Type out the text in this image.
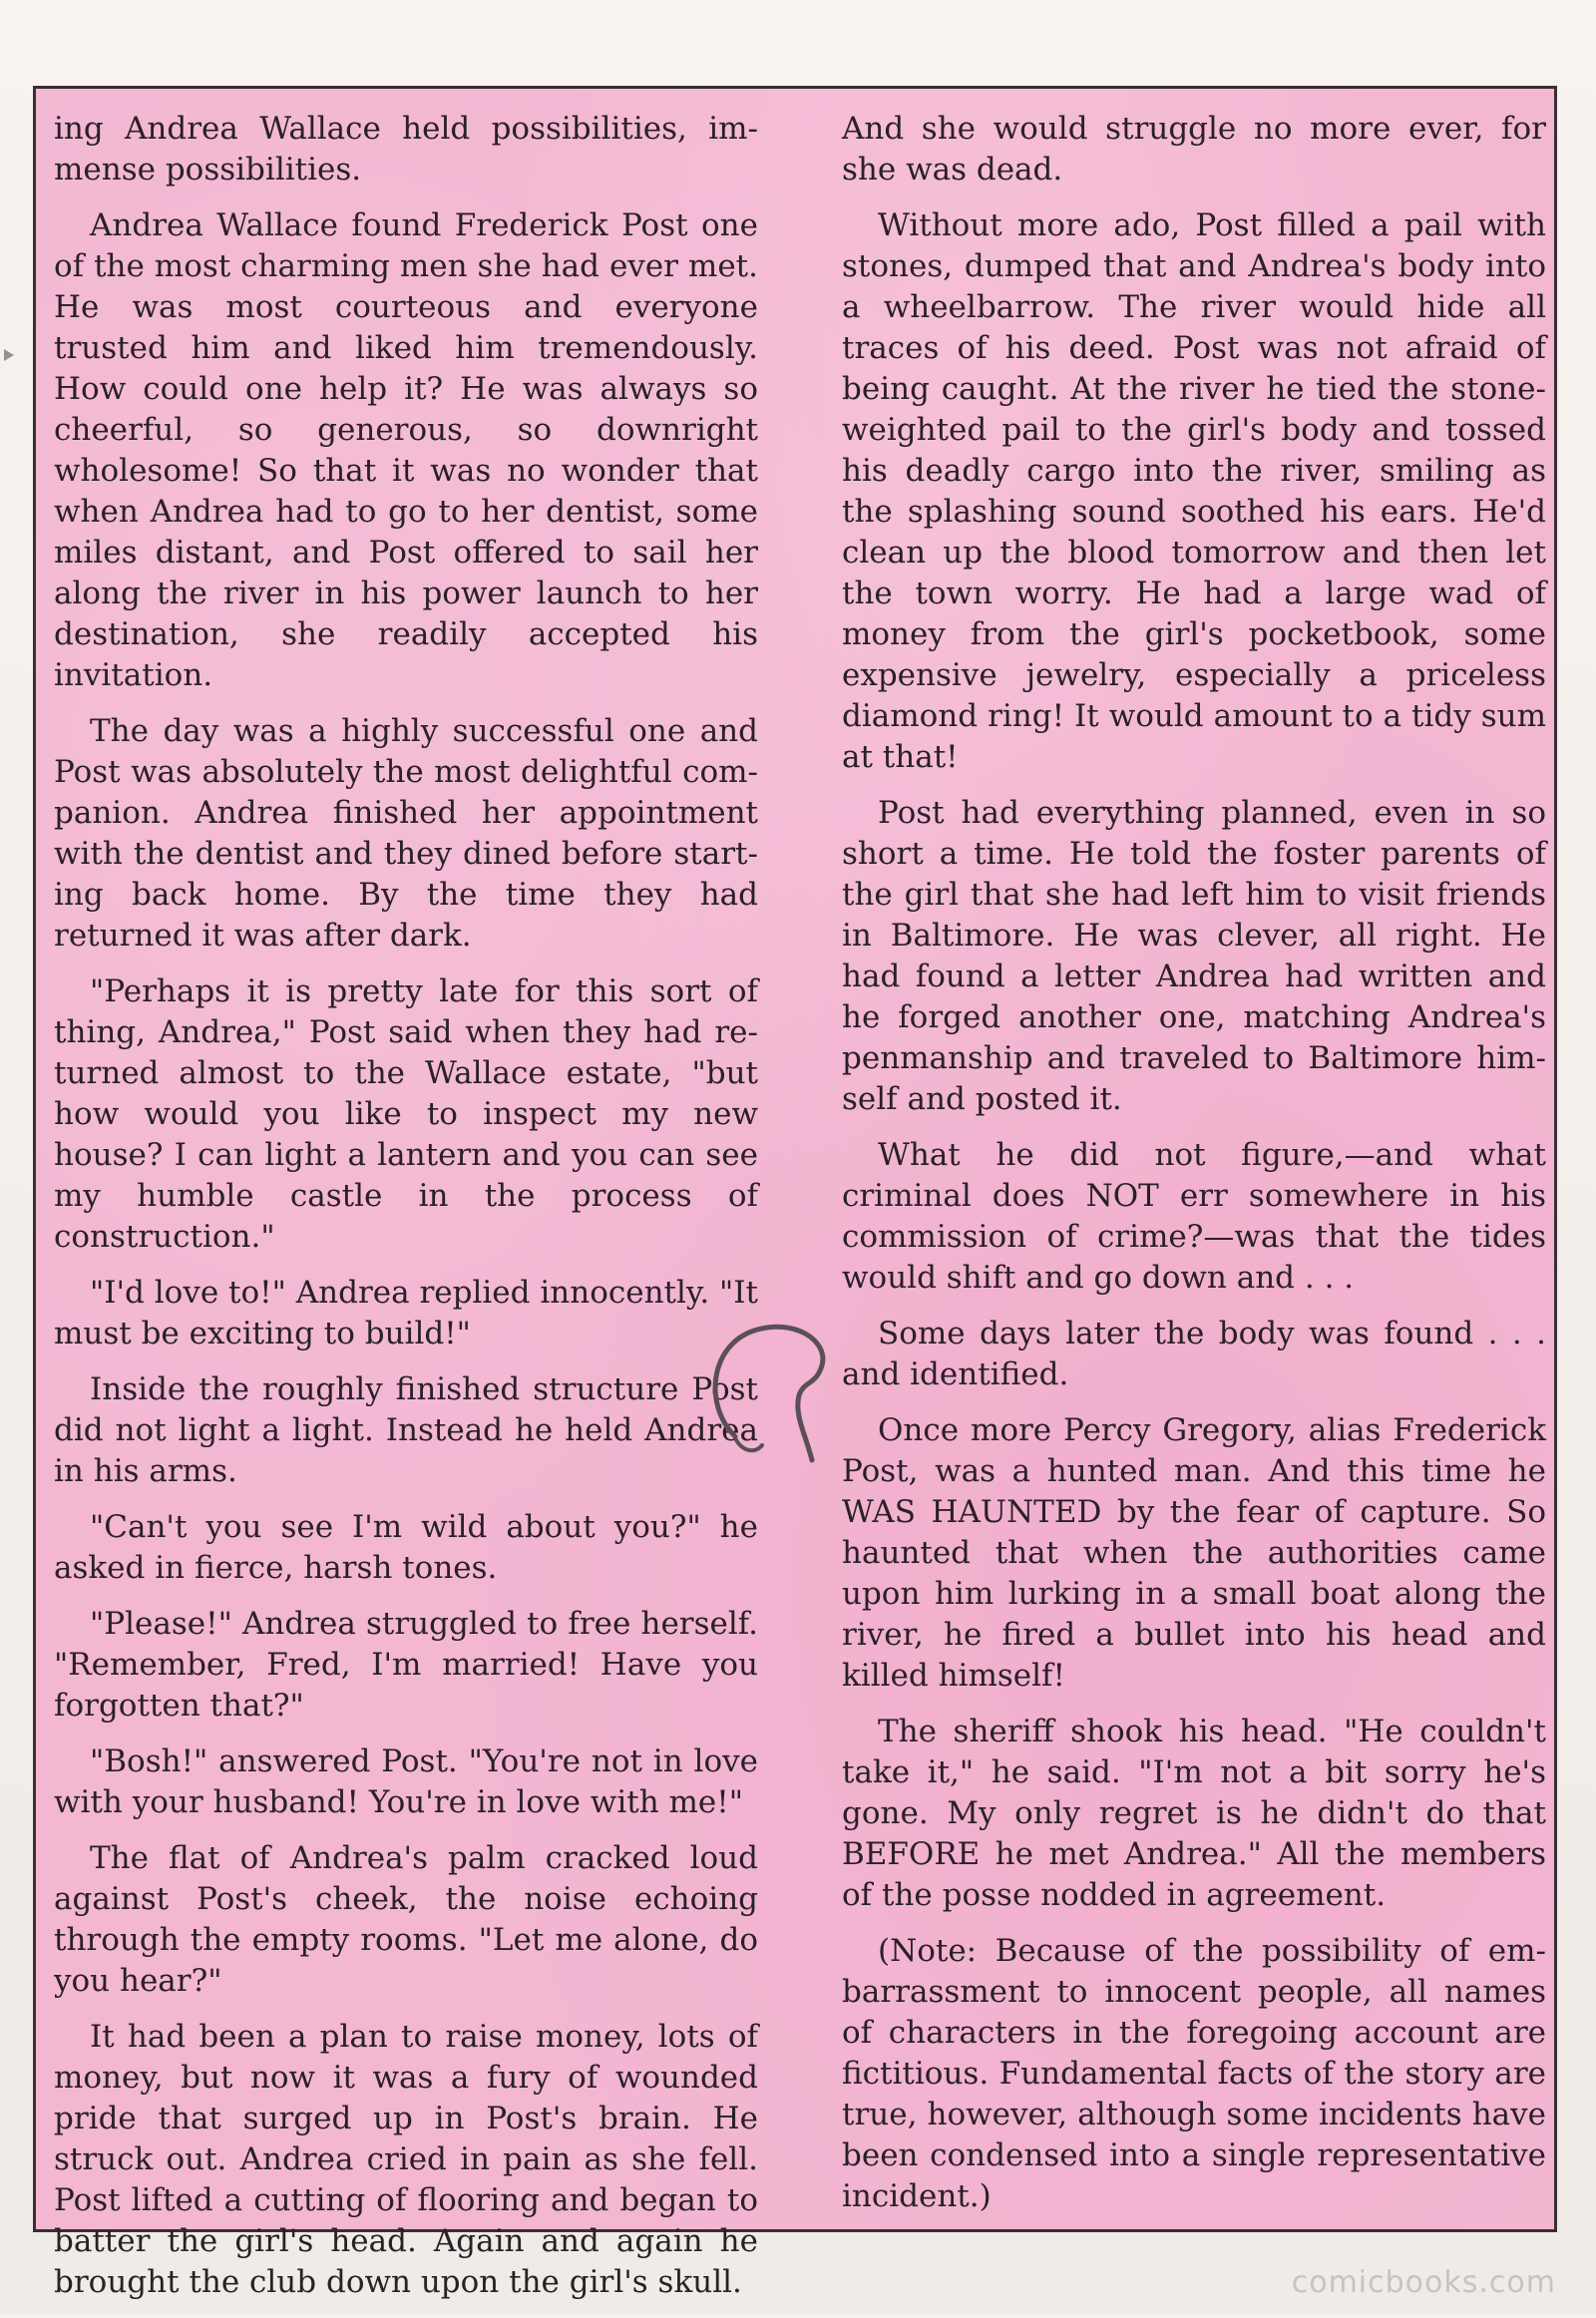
ing Andrea Wallace held possibilities, immense possibilities.

Andrea Wallace found Frederick Post one of the most charming men she had ever met. He was most courteous and everyone trusted him and liked him tremendously. How could one help it? He was always so cheerful, so generous, so downright wholesome! So that it was no wonder that when Andrea had to go to her dentist, some miles distant, and Post offered to sail her along the river in his power launch to her destination, she readily accepted his invitation.

The day was a highly successful one and Post was absolutely the most delightful companion. Andrea finished her appointment with the dentist and they dined before starting back home. By the time they had returned it was after dark.

"Perhaps it is pretty late for this sort of thing, Andrea," Post said when they had returned almost to the Wallace estate, "but how would you like to inspect my new house? I can light a lantern and you can see my humble castle in the process of construction."

"I'd love to!" Andrea replied innocently. "It must be exciting to build!"

Inside the roughly finished structure Post did not light a light. Instead he held Andrea in his arms.

"Can't you see I'm wild about you?" he asked in fierce, harsh tones.

"Please!" Andrea struggled to free herself. "Remember, Fred, I'm married! Have you forgotten that?"

"Bosh!" answered Post. "You're not in love with your husband! You're in love with me!"

The flat of Andrea's palm cracked loud against Post's cheek, the noise echoing through the empty rooms. "Let me alone, do you hear?"

It had been a plan to raise money, lots of money, but now it was a fury of wounded pride that surged up in Post's brain. He struck out. Andrea cried in pain as she fell. Post lifted a cutting of flooring and began to batter the girl's head. Again and again he brought the club down upon the girl's skull.

And she would struggle no more ever, for she was dead.

Without more ado, Post filled a pail with stones, dumped that and Andrea's body into a wheelbarrow. The river would hide all traces of his deed. Post was not afraid of being caught. At the river he tied the stone-weighted pail to the girl's body and tossed his deadly cargo into the river, smiling as the splashing sound soothed his ears. He'd clean up the blood tomorrow and then let the town worry. He had a large wad of money from the girl's pocketbook, some expensive jewelry, especially a priceless diamond ring! It would amount to a tidy sum at that!

Post had everything planned, even in so short a time. He told the foster parents of the girl that she had left him to visit friends in Baltimore. He was clever, all right. He had found a letter Andrea had written and he forged another one, matching Andrea's penmanship and traveled to Baltimore himself and posted it.

What he did not figure,—and what criminal does NOT err somewhere in his commission of crime?—was that the tides would shift and go down and . . .

Some days later the body was found . . . and identified.

Once more Percy Gregory, alias Frederick Post, was a hunted man. And this time he WAS HAUNTED by the fear of capture. So haunted that when the authorities came upon him lurking in a small boat along the river, he fired a bullet into his head and killed himself!

The sheriff shook his head. "He couldn't take it," he said. "I'm not a bit sorry he's gone. My only regret is he didn't do that BEFORE he met Andrea." All the members of the posse nodded in agreement.

(Note: Because of the possibility of embarrassment to innocent people, all names of characters in the foregoing account are fictitious. Fundamental facts of the story are true, however, although some incidents have been condensed into a single representative incident.)

comicbooks.com
